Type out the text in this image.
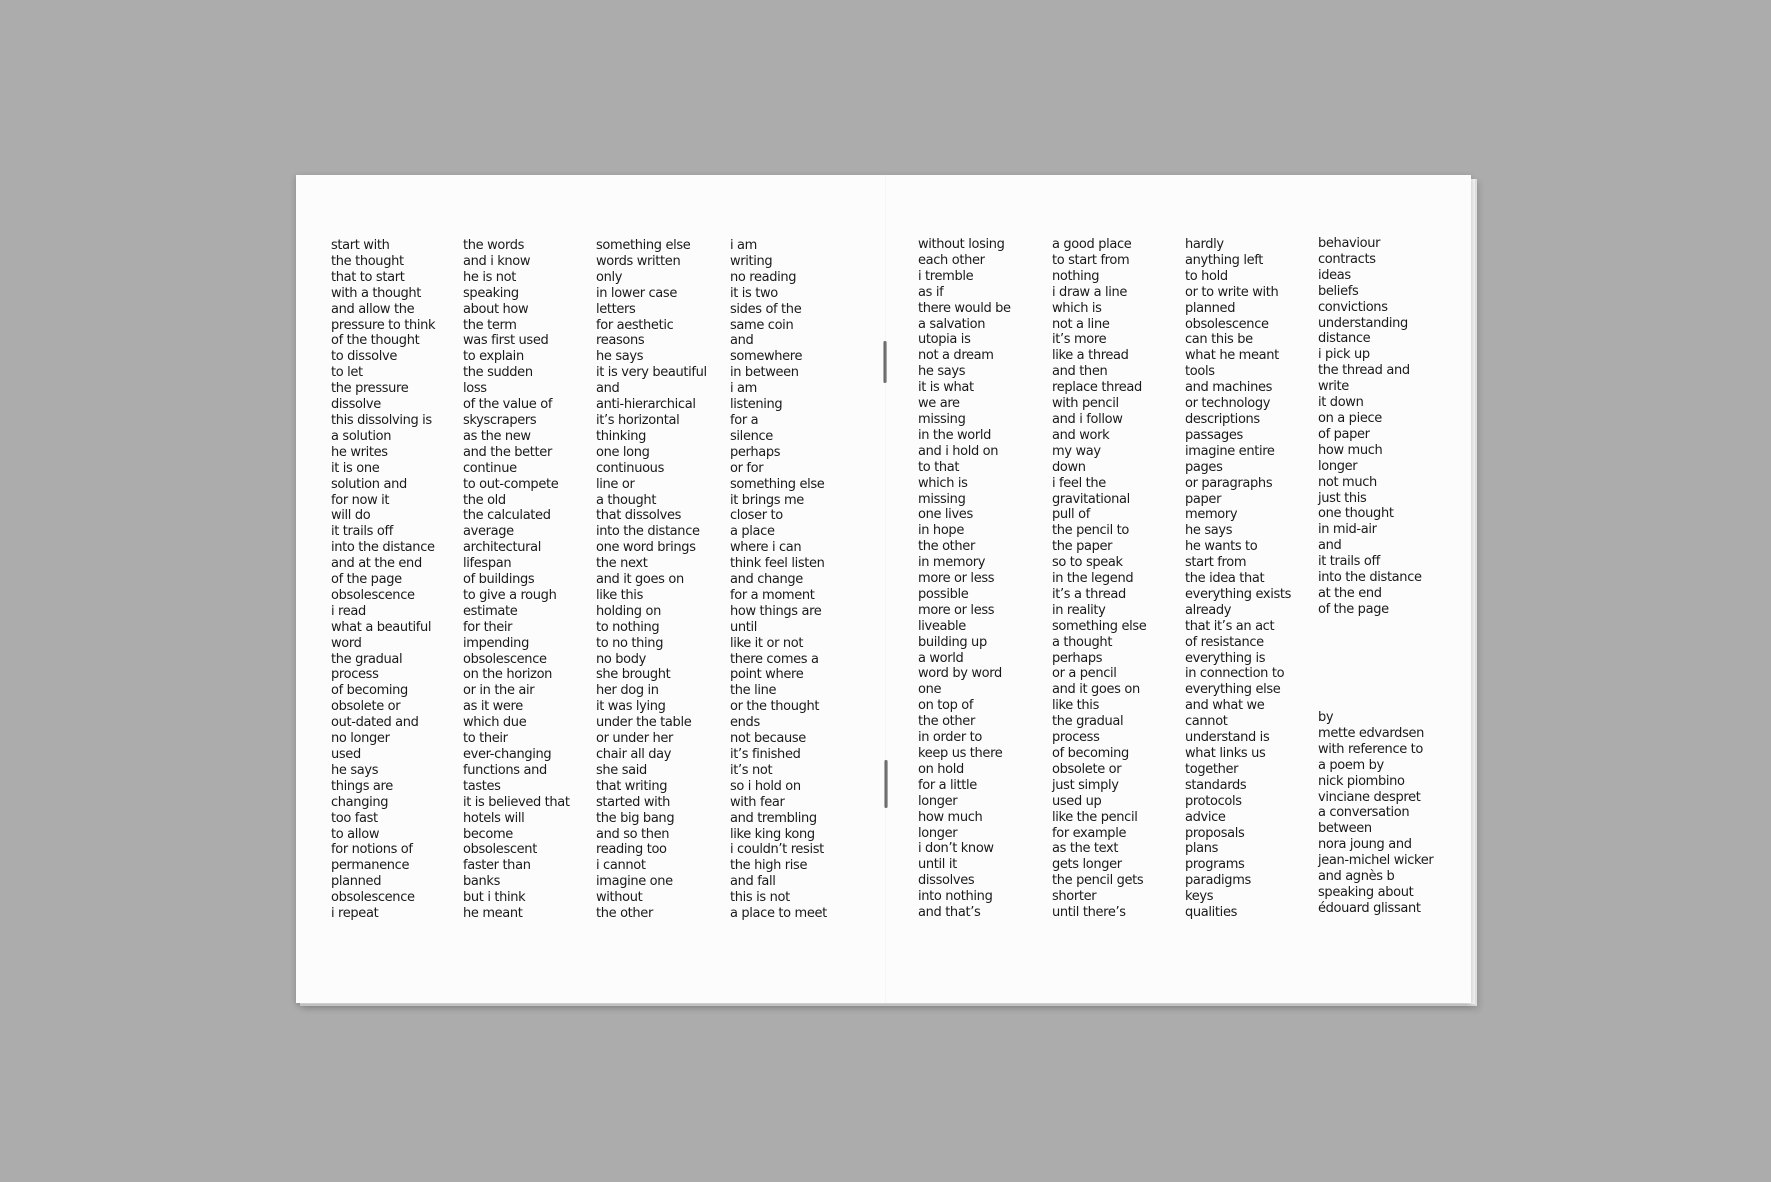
start with
the thought
that to start
with a thought
and allow the
pressure to think
of the thought
to dissolve
to let
the pressure
dissolve
this dissolving is
a solution
he writes
it is one
solution and
for now it
will do
it trails off
into the distance
and at the end
of the page
obsolescence
i read
what a beautiful
word
the gradual
process
of becoming
obsolete or
out-dated and
no longer
used
he says
things are
changing
too fast
to allow
for notions of
permanence
planned
obsolescence
i repeat
the words
and i know
he is not
speaking
about how
the term
was first used
to explain
the sudden
loss
of the value of
skyscrapers
as the new
and the better
continue
to out-compete
the old
the calculated
average
architectural
lifespan
of buildings
to give a rough
estimate
for their
impending
obsolescence
on the horizon
or in the air
as it were
which due
to their
ever-changing
functions and
tastes
it is believed that
hotels will
become
obsolescent
faster than
banks
but i think
he meant
something else
words written
only
in lower case
letters
for aesthetic
reasons
he says
it is very beautiful
and
anti-hierarchical
it’s horizontal
thinking
one long
continuous
line or
a thought
that dissolves
into the distance
one word brings
the next
and it goes on
like this
holding on
to nothing
to no thing
no body
she brought
her dog in
it was lying
under the table
or under her
chair all day
she said
that writing
started with
the big bang
and so then
reading too
i cannot
imagine one
without
the other
i am
writing
no reading
it is two
sides of the
same coin
and
somewhere
in between
i am
listening
for a
silence
perhaps
or for
something else
it brings me
closer to
a place
where i can
think feel listen
and change
for a moment
how things are
until
like it or not
there comes a
point where
the line
or the thought
ends
not because
it’s finished
it’s not
so i hold on
with fear
and trembling
like king kong
i couldn’t resist
the high rise
and fall
this is not
a place to meet
without losing
each other
i tremble
as if
there would be
a salvation
utopia is
not a dream
he says
it is what
we are
missing
in the world
and i hold on
to that
which is
missing
one lives
in hope
the other
in memory
more or less
possible
more or less
liveable
building up
a world
word by word
one
on top of
the other
in order to
keep us there
on hold
for a little
longer
how much
longer
i don’t know
until it
dissolves
into nothing
and that’s
a good place
to start from
nothing
i draw a line
which is
not a line
it’s more
like a thread
and then
replace thread
with pencil
and i follow
and work
my way
down
i feel the
gravitational
pull of
the pencil to
the paper
so to speak
in the legend
it’s a thread
in reality
something else
a thought
perhaps
or a pencil
and it goes on
like this
the gradual
process
of becoming
obsolete or
just simply
used up
like the pencil
for example
as the text
gets longer
the pencil gets
shorter
until there’s
hardly
anything left
to hold
or to write with
planned
obsolescence
can this be
what he meant
tools
and machines
or technology
descriptions
passages
imagine entire
pages
or paragraphs
paper
memory
he says
he wants to
start from
the idea that
everything exists
already
that it’s an act
of resistance
everything is
in connection to
everything else
and what we
cannot
understand is
what links us
together
standards
protocols
advice
proposals
plans
programs
paradigms
keys
qualities
behaviour
contracts
ideas
beliefs
convictions
understanding
distance
i pick up
the thread and
write
it down
on a piece
of paper
how much
longer
not much
just this
one thought
in mid-air
and
it trails off
into the distance
at the end
of the page
by
mette edvardsen
with reference to
a poem by
nick piombino
vinciane despret
a conversation
between
nora joung and
jean-michel wicker
and agnès b
speaking about
édouard glissant
